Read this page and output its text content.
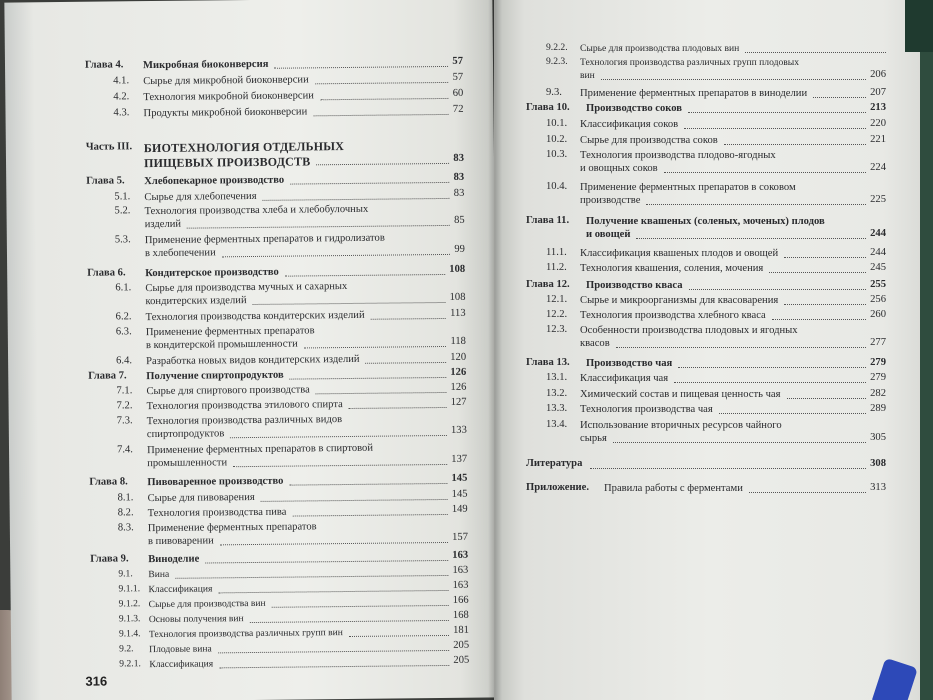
Глава 4. Микробная биоконверсия	57
4.1. Сырье для микробной биоконверсии	57
4.2. Технология микробной биоконверсии	60
4.3. Продукты микробной биоконверсии	72
Часть III. БИОТЕХНОЛОГИЯ ОТДЕЛЬНЫХ
ПИЩЕВЫХ ПРОИЗВОДСТВ	83
Глава 5. Хлебопекарное производство	83
5.1. Сырье для хлебопечения	83
5.2. Технология производства хлеба и хлебобулочных
изделий	85
5.3. Применение ферментных препаратов и гидролизатов
в хлебопечении	99
Глава 6. Кондитерское производство	108
6.1. Сырье для производства мучных и сахарных
кондитерских изделий	108
6.2. Технология производства кондитерских изделий	113
6.3. Применение ферментных препаратов
в кондитерской промышленности	118
6.4. Разработка новых видов кондитерских изделий	120
Глава 7. Получение спиртопродуктов	126
7.1. Сырье для спиртового производства	126
7.2. Технология производства этилового спирта	127
7.3. Технология производства различных видов
спиртопродуктов	133
7.4. Применение ферментных препаратов в спиртовой
промышленности	137
Глава 8. Пивоваренное производство	145
8.1. Сырье для пивоварения	145
8.2. Технология производства пива	149
8.3. Применение ферментных препаратов
в пивоварении	157
Глава 9. Виноделие	163
9.1. Вина	163
9.1.1. Классификация	163
9.1.2. Сырье для производства вин	166
9.1.3. Основы получения вин	168
9.1.4. Технология производства различных групп вин	181
9.2. Плодовые вина	205
9.2.1. Классификация	205
316
9.2.2. Сырье для производства плодовых вин
9.2.3. Технология производства различных групп плодовых
вин	206
9.3. Применение ферментных препаратов в виноделии	207
Глава 10. Производство соков	213
10.1. Классификация соков	220
10.2. Сырье для производства соков	221
10.3. Технология производства плодово-ягодных
и овощных соков	224
10.4. Применение ферментных препаратов в соковом
производстве	225
Глава 11. Получение квашеных (соленых, моченых) плодов
и овощей	244
11.1. Классификация квашеных плодов и овощей	244
11.2. Технология квашения, соления, мочения	245
Глава 12. Производство кваса	255
12.1. Сырье и микроорганизмы для квасоварения	256
12.2. Технология производства хлебного кваса	260
12.3. Особенности производства плодовых и ягодных
квасов	277
Глава 13. Производство чая	279
13.1. Классификация чая	279
13.2. Химический состав и пищевая ценность чая	282
13.3. Технология производства чая	289
13.4. Использование вторичных ресурсов чайного
сырья	305
Литература	308
Приложение. Правила работы с ферментами	313
